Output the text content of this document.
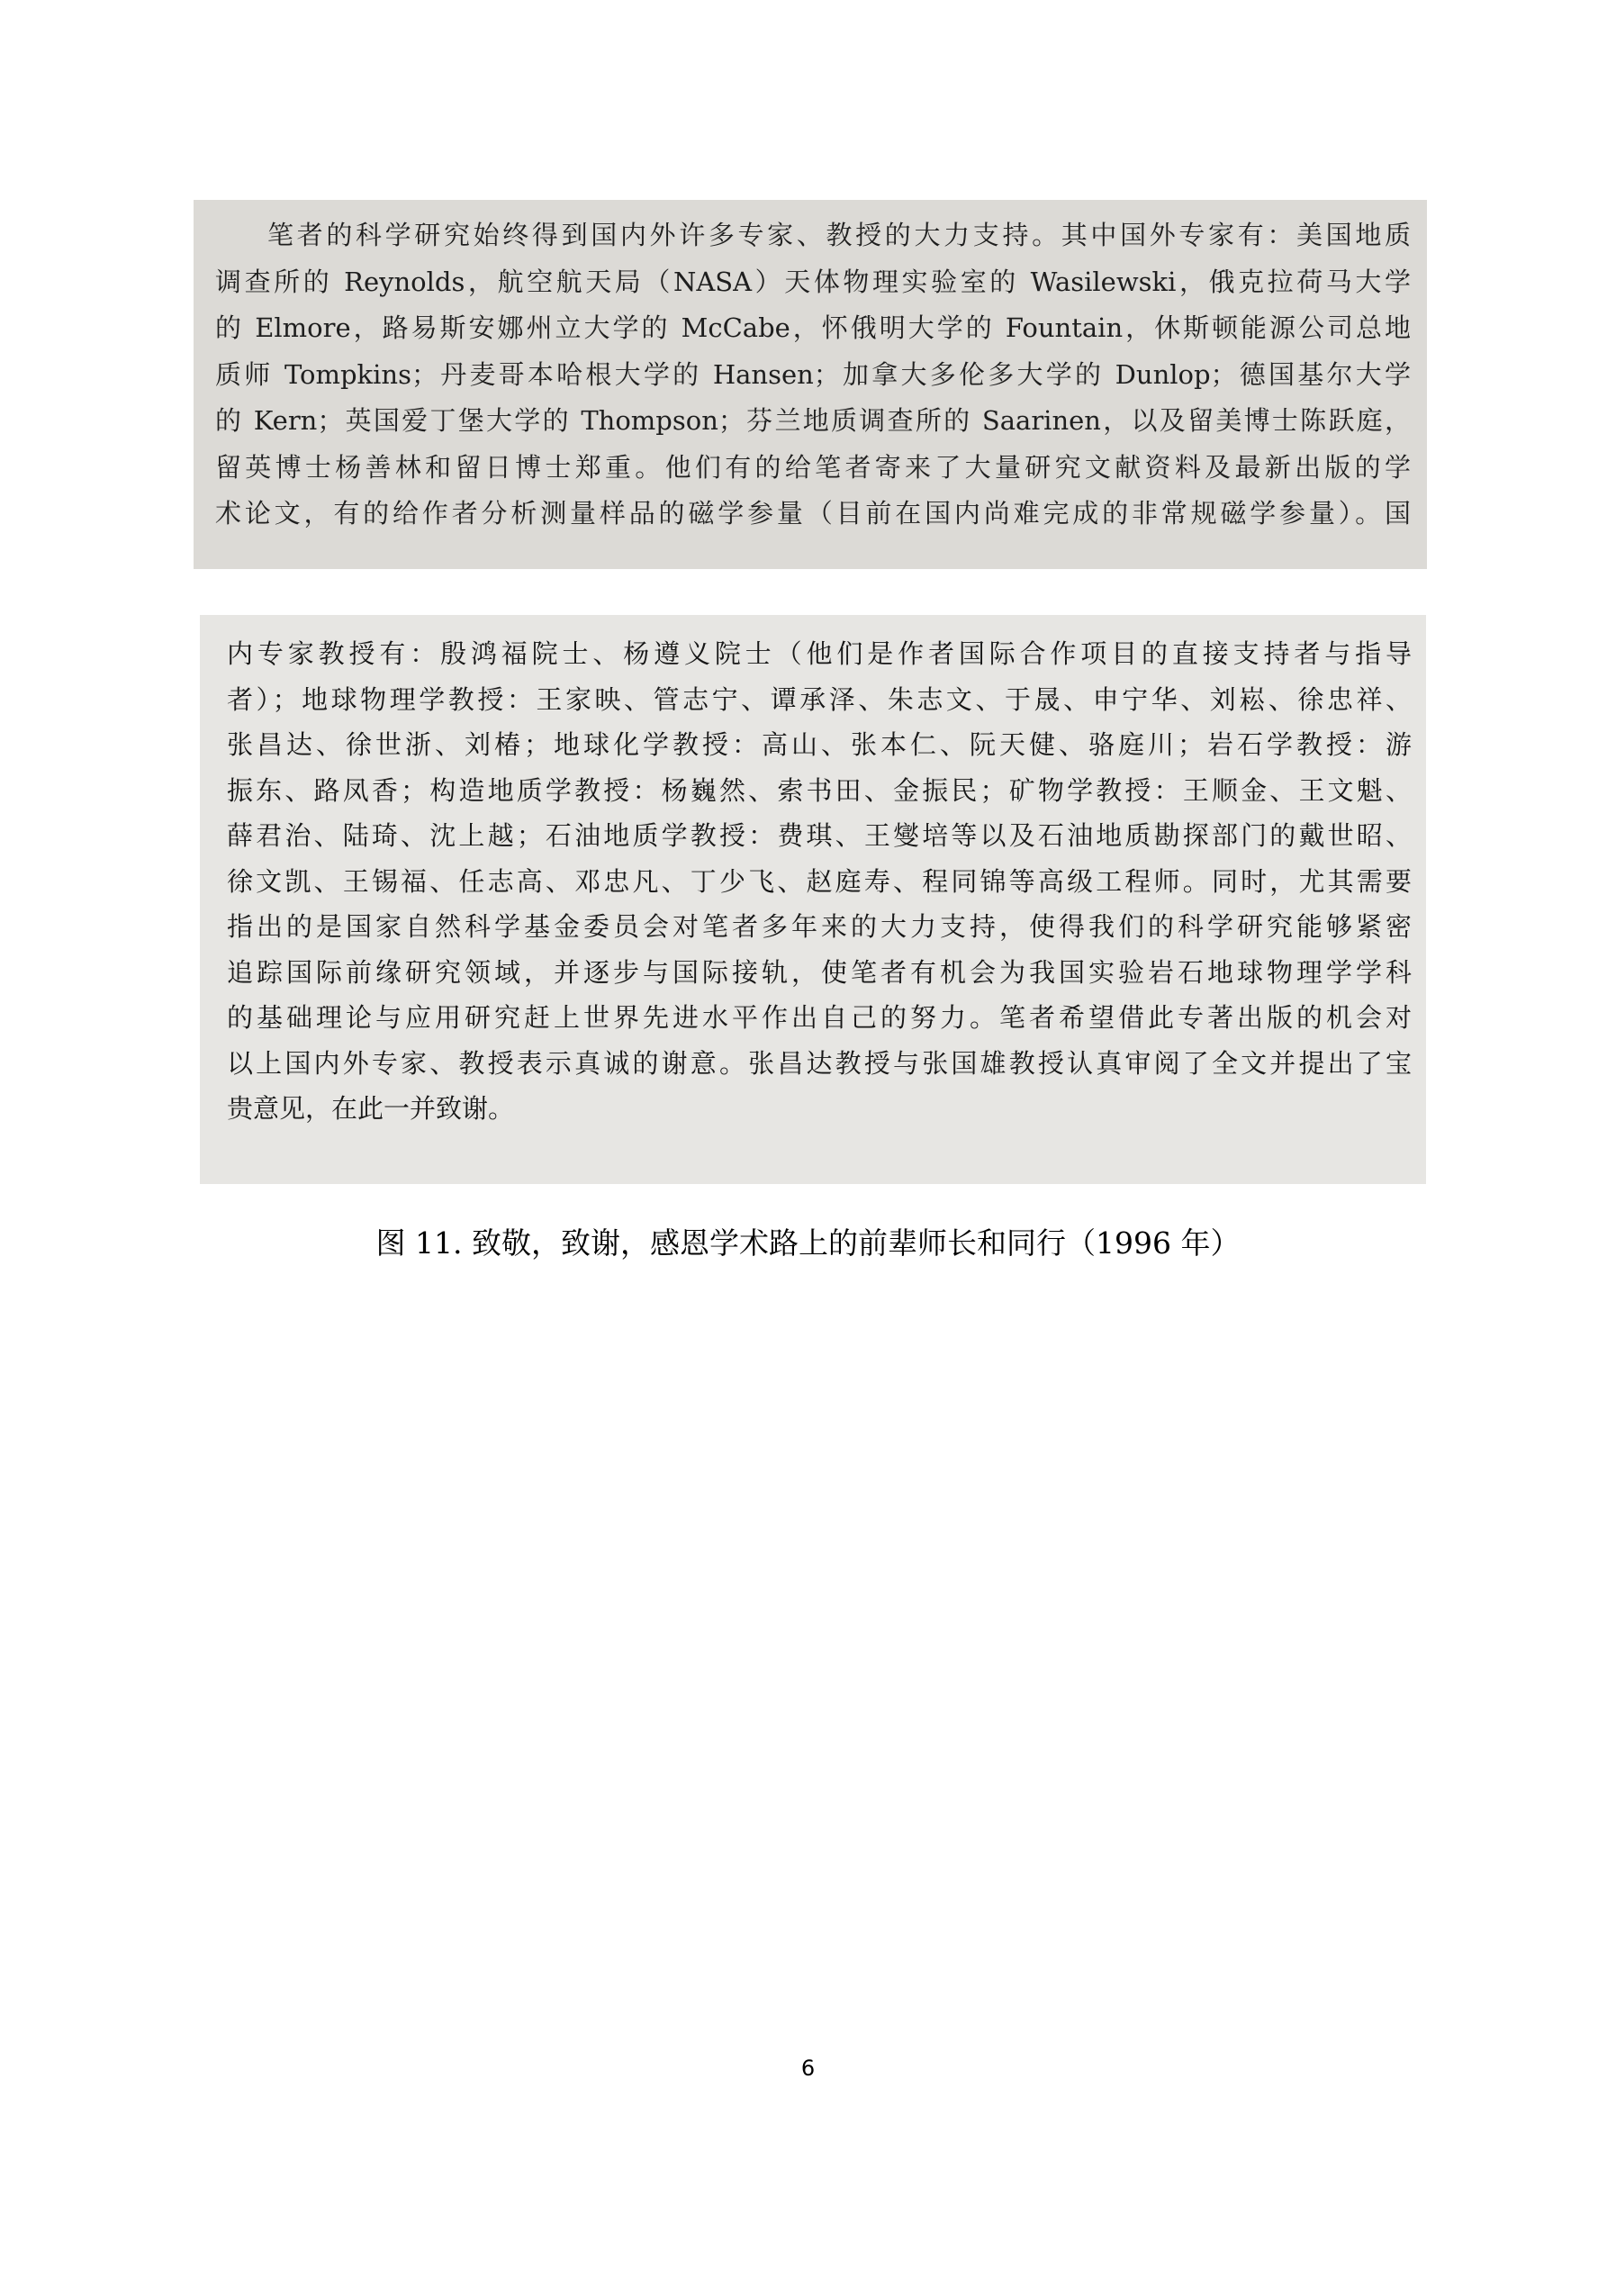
笔者的科学研究始终得到国内外许多专家、教授的大力支持。其中国外专家有：美国地质
调查所的 Reynolds，航空航天局（NASA）天体物理实验室的 Wasilewski，俄克拉荷马大学
的 Elmore，路易斯安娜州立大学的 McCabe，怀俄明大学的 Fountain，休斯顿能源公司总地
质师 Tompkins；丹麦哥本哈根大学的 Hansen；加拿大多伦多大学的 Dunlop；德国基尔大学
的 Kern；英国爱丁堡大学的 Thompson；芬兰地质调查所的 Saarinen，以及留美博士陈跃庭，
留英博士杨善林和留日博士郑重。他们有的给笔者寄来了大量研究文献资料及最新出版的学
术论文，有的给作者分析测量样品的磁学参量（目前在国内尚难完成的非常规磁学参量）。国
内专家教授有：殷鸿福院士、杨遵义院士（他们是作者国际合作项目的直接支持者与指导
者）；地球物理学教授：王家映、管志宁、谭承泽、朱志文、于晟、申宁华、刘崧、徐忠祥、
张昌达、徐世浙、刘椿；地球化学教授：高山、张本仁、阮天健、骆庭川；岩石学教授：游
振东、路凤香；构造地质学教授：杨巍然、索书田、金振民；矿物学教授：王顺金、王文魁、
薛君治、陆琦、沈上越；石油地质学教授：费琪、王燮培等以及石油地质勘探部门的戴世昭、
徐文凯、王锡福、任志高、邓忠凡、丁少飞、赵庭寿、程同锦等高级工程师。同时，尤其需要
指出的是国家自然科学基金委员会对笔者多年来的大力支持，使得我们的科学研究能够紧密
追踪国际前缘研究领域，并逐步与国际接轨，使笔者有机会为我国实验岩石地球物理学学科
的基础理论与应用研究赶上世界先进水平作出自己的努力。笔者希望借此专著出版的机会对
以上国内外专家、教授表示真诚的谢意。张昌达教授与张国雄教授认真审阅了全文并提出了宝
贵意见，在此一并致谢。
图 11. 致敬，致谢，感恩学术路上的前辈师长和同行（1996 年）
6
